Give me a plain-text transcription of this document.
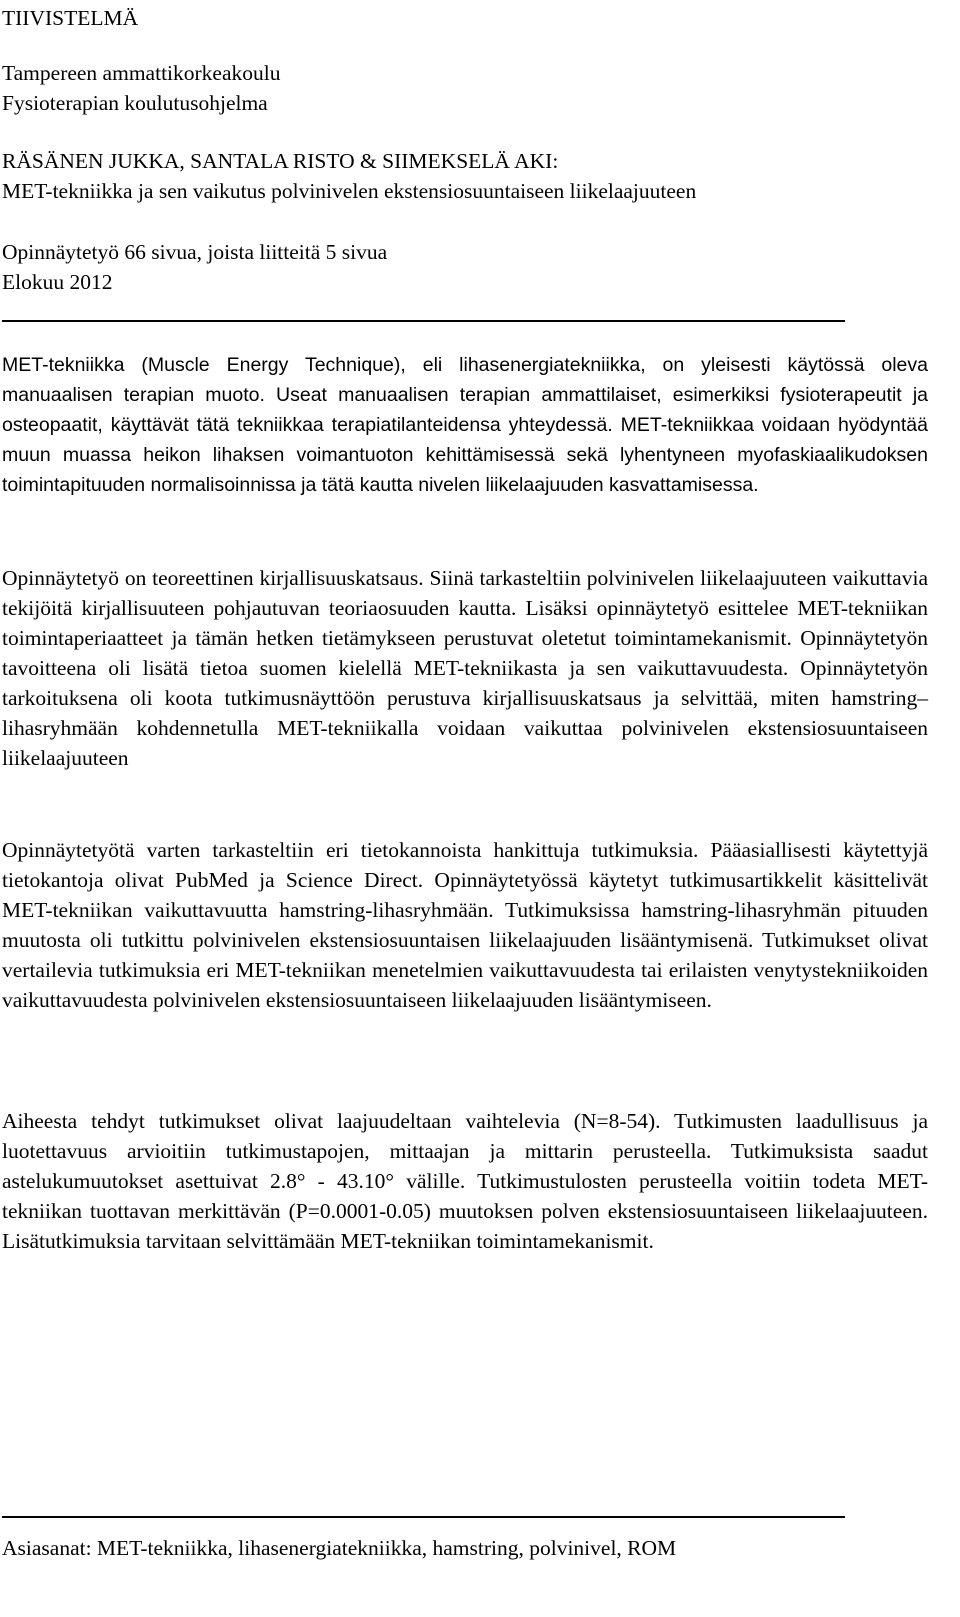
TIIVISTELMÄ

Tampereen ammattikorkeakoulu

Fysioterapian koulutusohjelma

RÄSÄNEN JUKKA, SANTALA RISTO & SIIMEKSELÄ AKI:

MET-tekniikka ja sen vaikutus polvinivelen ekstensiosuuntaiseen liikelaajuuteen

Opinnäytetyö 66 sivua, joista liitteitä 5 sivua

Elokuu 2012

MET-tekniikka (Muscle Energy Technique), eli lihasenergiatekniikka, on yleisesti käytössä oleva manuaalisen terapian muoto. Useat manuaalisen terapian ammattilaiset, esimerkiksi fysioterapeutit ja osteopaatit, käyttävät tätä tekniikkaa terapiatilanteidensa yhteydessä. MET-tekniikkaa voidaan hyödyntää muun muassa heikon lihaksen voimantuoton kehittämisessä sekä lyhentyneen myofaskiaalikudoksen toimintapituuden normalisoinnissa ja tätä kautta nivelen liikelaajuuden kasvattamisessa.

Opinnäytetyö on teoreettinen kirjallisuuskatsaus. Siinä tarkasteltiin polvinivelen liikelaajuuteen vaikuttavia tekijöitä kirjallisuuteen pohjautuvan teoriaosuuden kautta. Lisäksi opinnäytetyö esittelee MET-tekniikan toimintaperiaatteet ja tämän hetken tietämykseen perustuvat oletetut toimintamekanismit. Opinnäytetyön tavoitteena oli lisätä tietoa suomen kielellä MET-tekniikasta ja sen vaikuttavuudesta. Opinnäytetyön tarkoituksena oli koota tutkimusnäyttöön perustuva kirjallisuuskatsaus ja selvittää, miten hamstring–lihasryhmään kohdennetulla MET-tekniikalla voidaan vaikuttaa polvinivelen ekstensiosuuntaiseen liikelaajuuteen

Opinnäytetyötä varten tarkasteltiin eri tietokannoista hankittuja tutkimuksia. Pääasiallisesti käytettyjä tietokantoja olivat PubMed ja Science Direct. Opinnäytetyössä käytetyt tutkimusartikkelit käsittelivät MET-tekniikan vaikuttavuutta hamstring-lihasryhmään. Tutkimuksissa hamstring-lihasryhmän pituuden muutosta oli tutkittu polvinivelen ekstensiosuuntaisen liikelaajuuden lisääntymisenä. Tutkimukset olivat vertailevia tutkimuksia eri MET-tekniikan menetelmien vaikuttavuudesta tai erilaisten venytystekniikoiden vaikuttavuudesta polvinivelen ekstensiosuuntaiseen liikelaajuuden lisääntymiseen.

Aiheesta tehdyt tutkimukset olivat laajuudeltaan vaihtelevia (N=8-54). Tutkimusten laadullisuus ja luotettavuus arvioitiin tutkimustapojen, mittaajan ja mittarin perusteella. Tutkimuksista saadut astelukumuutokset asettuivat 2.8° - 43.10° välille. Tutkimustulosten perusteella voitiin todeta MET-tekniikan tuottavan merkittävän (P=0.0001-0.05) muutoksen polven ekstensiosuuntaiseen liikelaajuuteen. Lisätutkimuksia tarvitaan selvittämään MET-tekniikan toimintamekanismit.

Asiasanat: MET-tekniikka, lihasenergiatekniikka, hamstring, polvinivel, ROM
